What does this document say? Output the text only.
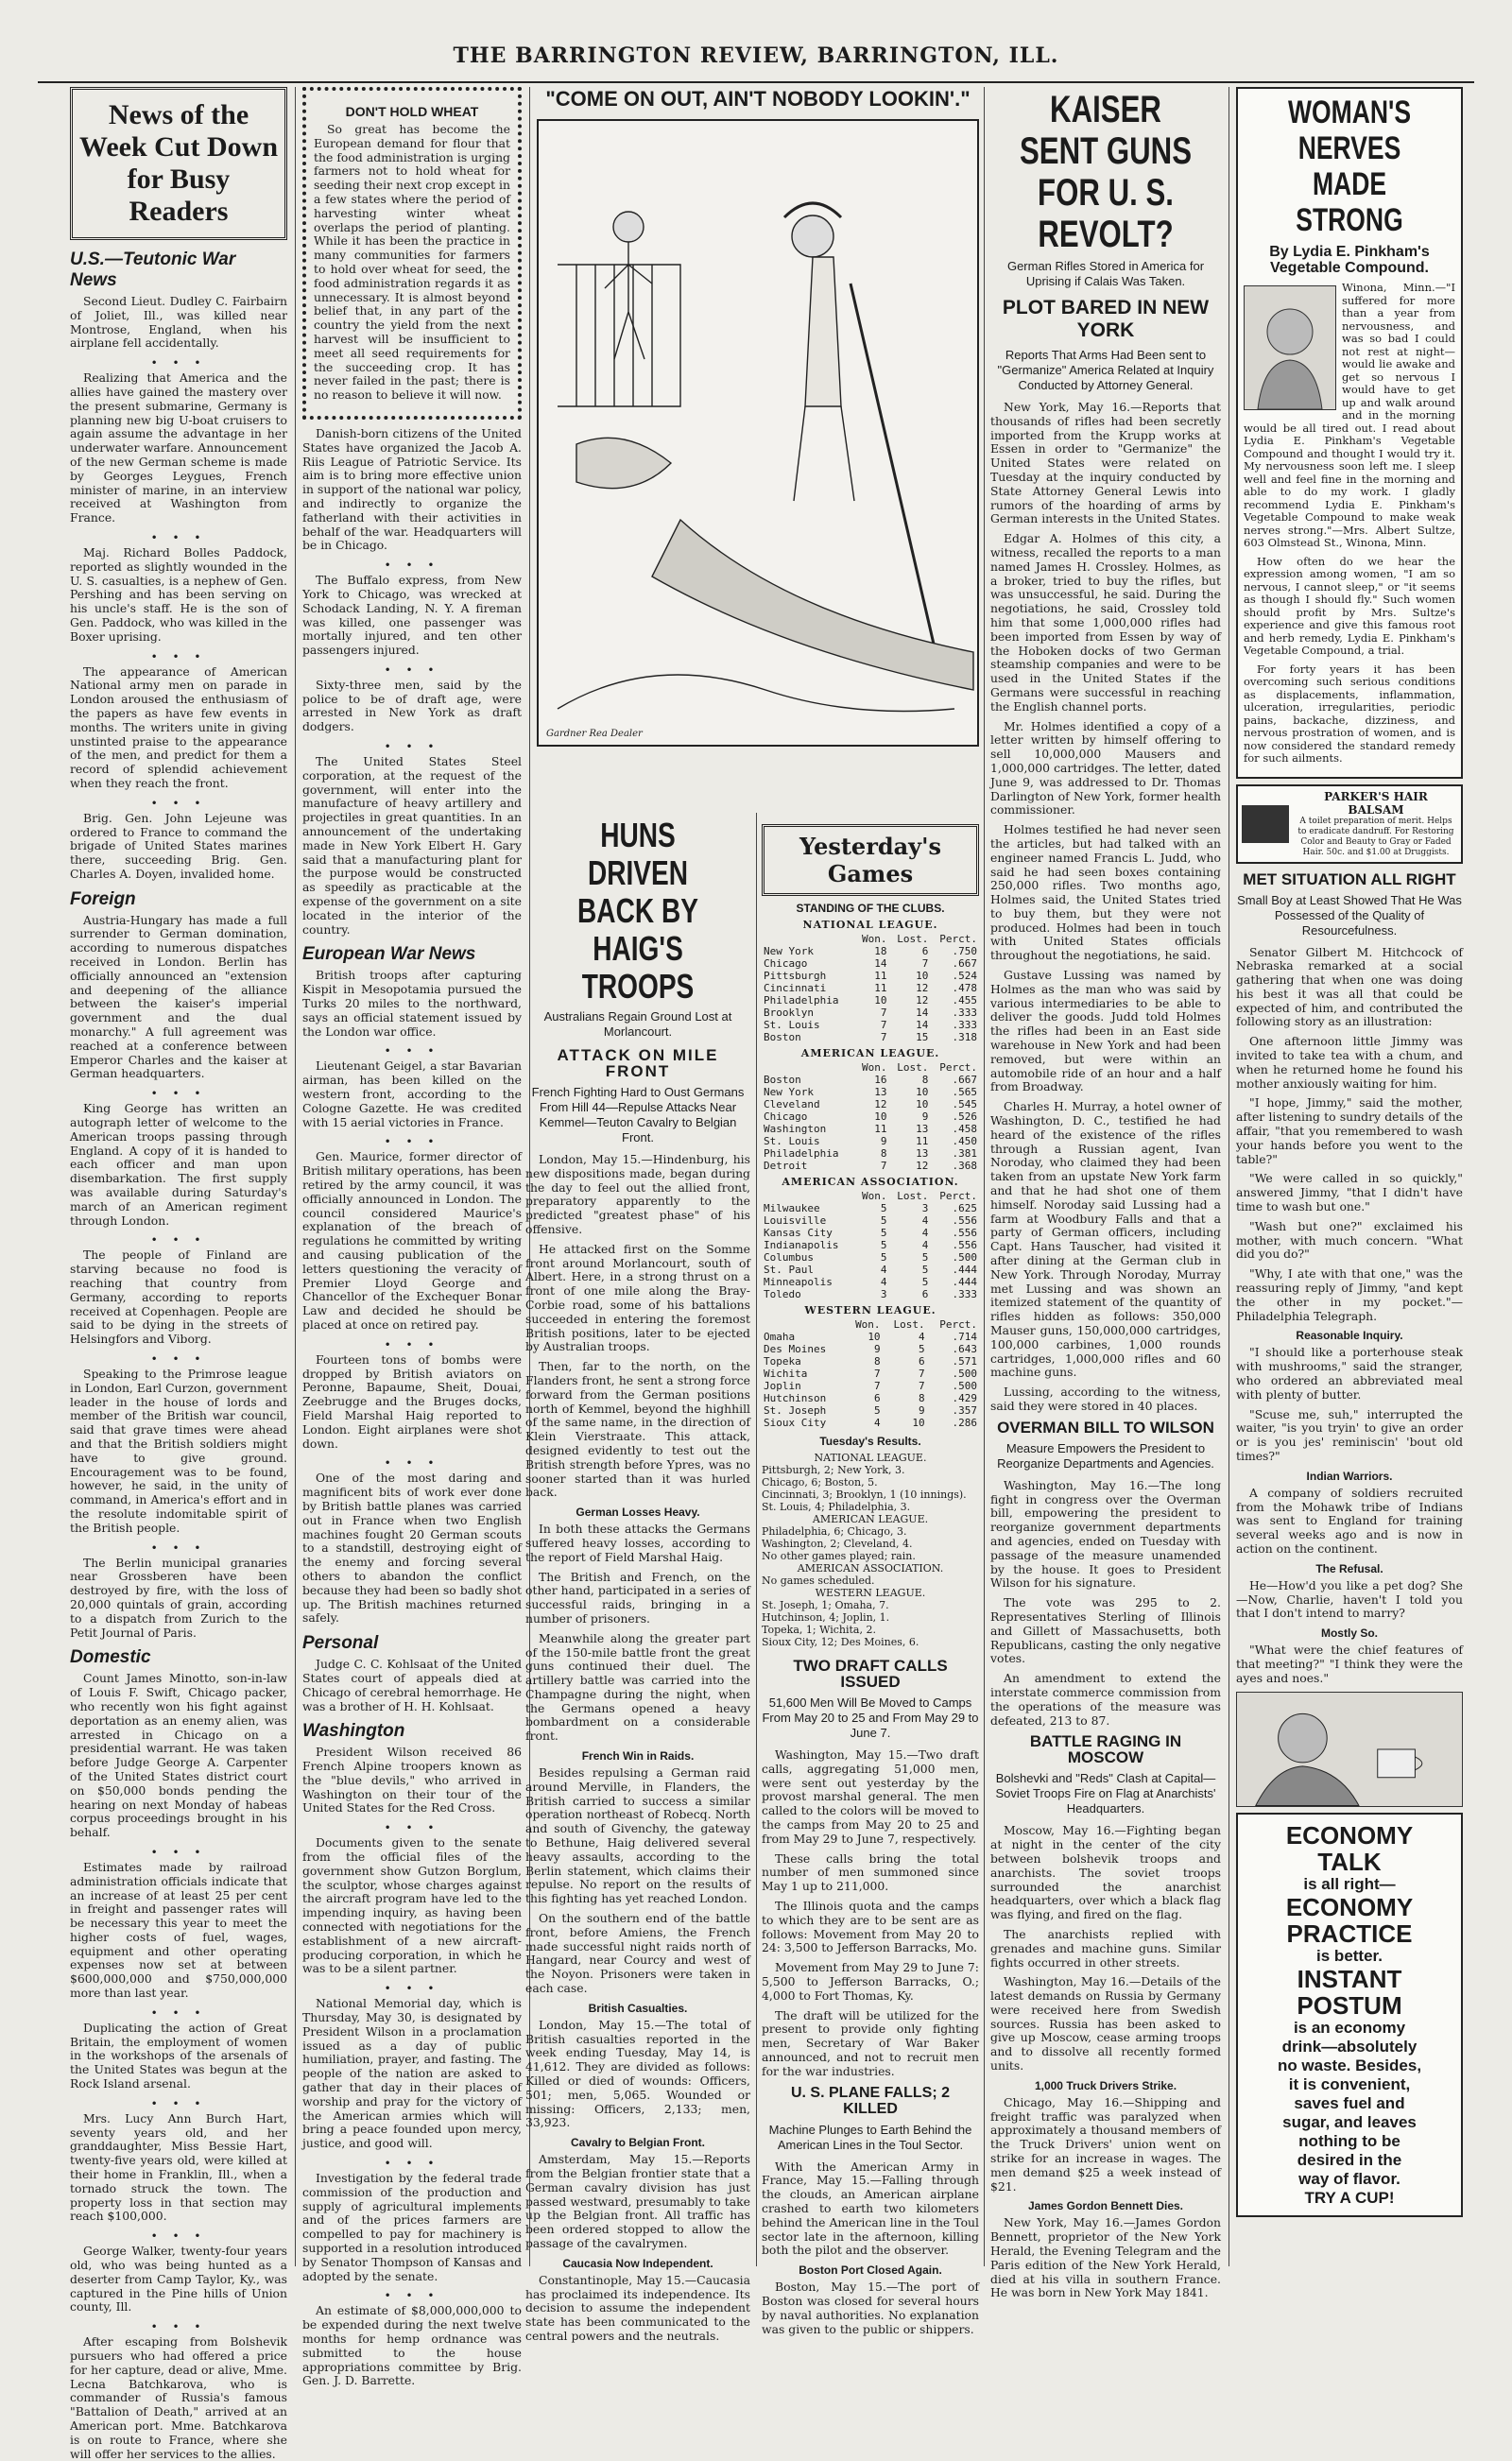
THE BARRINGTON REVIEW, BARRINGTON, ILL.
News of the Week Cut Down for Busy Readers
U.S.—Teutonic War News

Second Lieut. Dudley C. Fairbairn of Joliet, Ill., was killed near Montrose, England, when his airplane fell accidentally.

• • •

Realizing that America and the allies have gained the mastery over the present submarine, Germany is planning new big U-boat cruisers to again assume the advantage in her underwater warfare. Announcement of the new German scheme is made by Georges Leygues, French minister of marine, in an interview received at Washington from France.

• • •

Maj. Richard Bolles Paddock, reported as slightly wounded in the U. S. casualties, is a nephew of Gen. Pershing and has been serving on his uncle's staff. He is the son of Gen. Paddock, who was killed in the Boxer uprising.

• • •

The appearance of American National army men on parade in London aroused the enthusiasm of the papers as have few events in months. The writers unite in giving unstinted praise to the appearance of the men, and predict for them a record of splendid achievement when they reach the front.

• • •

Brig. Gen. John Lejeune was ordered to France to command the brigade of United States marines there, succeeding Brig. Gen. Charles A. Doyen, invalided home.

Foreign

Austria-Hungary has made a full surrender to German domination, according to numerous dispatches received in London. Berlin has officially announced an "extension and deepening of the alliance between the kaiser's imperial government and the dual monarchy." A full agreement was reached at a conference between Emperor Charles and the kaiser at German headquarters.

• • •

King George has written an autograph letter of welcome to the American troops passing through England. A copy of it is handed to each officer and man upon disembarkation. The first supply was available during Saturday's march of an American regiment through London.

• • •

The people of Finland are starving because no food is reaching that country from Germany, according to reports received at Copenhagen. People are said to be dying in the streets of Helsingfors and Viborg.

• • •

Speaking to the Primrose league in London, Earl Curzon, government leader in the house of lords and member of the British war council, said that grave times were ahead and that the British soldiers might have to give ground. Encouragement was to be found, however, he said, in the unity of command, in America's effort and in the resolute indomitable spirit of the British people.

• • •

The Berlin municipal granaries near Grossberen have been destroyed by fire, with the loss of 20,000 quintals of grain, according to a dispatch from Zurich to the Petit Journal of Paris.

Domestic

Count James Minotto, son-in-law of Louis F. Swift, Chicago packer, who recently won his fight against deportation as an enemy alien, was arrested in Chicago on a presidential warrant. He was taken before Judge George A. Carpenter of the United States district court on $50,000 bonds pending the hearing on next Monday of habeas corpus proceedings brought in his behalf.

• • •

Estimates made by railroad administration officials indicate that an increase of at least 25 per cent in freight and passenger rates will be necessary this year to meet the higher costs of fuel, wages, equipment and other operating expenses now set at between $600,000,000 and $750,000,000 more than last year.

• • •

Duplicating the action of Great Britain, the employment of women in the workshops of the arsenals of the United States was begun at the Rock Island arsenal.

• • •

Mrs. Lucy Ann Burch Hart, seventy years old, and her granddaughter, Miss Bessie Hart, twenty-five years old, were killed at their home in Franklin, Ill., when a tornado struck the town. The property loss in that section may reach $100,000.

• • •

George Walker, twenty-four years old, who was being hunted as a deserter from Camp Taylor, Ky., was captured in the Pine hills of Union county, Ill.

• • •

After escaping from Bolshevik pursuers who had offered a price for her capture, dead or alive, Mme. Lecna Batchkarova, who is commander of Russia's famous "Battalion of Death," arrived at an American port. Mme. Batchkarova is on route to France, where she will offer her services to the allies.

DON'T HOLD WHEAT

So great has become the European demand for flour that the food administration is urging farmers not to hold wheat for seeding their next crop except in a few states where the period of harvesting winter wheat overlaps the period of planting. While it has been the practice in many communities for farmers to hold over wheat for seed, the food administration regards it as unnecessary. It is almost beyond belief that, in any part of the country the yield from the next harvest will be insufficient to meet all seed requirements for the succeeding crop. It has never failed in the past; there is no reason to believe it will now.

Danish-born citizens of the United States have organized the Jacob A. Riis League of Patriotic Service. Its aim is to bring more effective union in support of the national war policy, and indirectly to organize the fatherland with their activities in behalf of the war. Headquarters will be in Chicago.

• • •

The Buffalo express, from New York to Chicago, was wrecked at Schodack Landing, N. Y. A fireman was killed, one passenger was mortally injured, and ten other passengers injured.

• • •

Sixty-three men, said by the police to be of draft age, were arrested in New York as draft dodgers.

• • •

The United States Steel corporation, at the request of the government, will enter into the manufacture of heavy artillery and projectiles in great quantities. In an announcement of the undertaking made in New York Elbert H. Gary said that a manufacturing plant for the purpose would be constructed as speedily as practicable at the expense of the government on a site located in the interior of the country.

European War News

British troops after capturing Kispit in Mesopotamia pursued the Turks 20 miles to the northward, says an official statement issued by the London war office.

• • •

Lieutenant Geigel, a star Bavarian airman, has been killed on the western front, according to the Cologne Gazette. He was credited with 15 aerial victories in France.

• • •

Gen. Maurice, former director of British military operations, has been retired by the army council, it was officially announced in London. The council considered Maurice's explanation of the breach of regulations he committed by writing and causing publication of the letters questioning the veracity of Premier Lloyd George and Chancellor of the Exchequer Bonar Law and decided he should be placed at once on retired pay.

• • •

Fourteen tons of bombs were dropped by British aviators on Peronne, Bapaume, Sheit, Douai, Zeebrugge and the Bruges docks, Field Marshal Haig reported to London. Eight airplanes were shot down.

• • •

One of the most daring and magnificent bits of work ever done by British battle planes was carried out in France when two English machines fought 20 German scouts to a standstill, destroying eight of the enemy and forcing several others to abandon the conflict because they had been so badly shot up. The British machines returned safely.

Personal

Judge C. C. Kohlsaat of the United States court of appeals died at Chicago of cerebral hemorrhage. He was a brother of H. H. Kohlsaat.

Washington

President Wilson received 86 French Alpine troopers known as the "blue devils," who arrived in Washington on their tour of the United States for the Red Cross.

• • •

Documents given to the senate from the official files of the government show Gutzon Borglum, the sculptor, whose charges against the aircraft program have led to the impending inquiry, as having been connected with negotiations for the establishment of a new aircraft-producing corporation, in which he was to be a silent partner.

• • •

National Memorial day, which is Thursday, May 30, is designated by President Wilson in a proclamation issued as a day of public humiliation, prayer, and fasting. The people of the nation are asked to gather that day in their places of worship and pray for the victory of the American armies which will bring a peace founded upon mercy, justice, and good will.

• • •

Investigation by the federal trade commission of the production and supply of agricultural implements and of the prices farmers are compelled to pay for machinery is supported in a resolution introduced by Senator Thompson of Kansas and adopted by the senate.

• • •

An estimate of $8,000,000,000 to be expended during the next twelve months for hemp ordnance was submitted to the house appropriations committee by Brig. Gen. J. D. Barrette.

"COME ON OUT, AIN'T NOBODY LOOKIN'."
Gardner Rea Dealer
HUNS DRIVEN BACK BY HAIG'S TROOPS
Australians Regain Ground Lost at Morlancourt.
ATTACK ON MILE FRONT
French Fighting Hard to Oust Germans From Hill 44—Repulse Attacks Near Kemmel—Teuton Cavalry to Belgian Front.

London, May 15.—Hindenburg, his new dispositions made, began during the day to feel out the allied front, preparatory apparently to the predicted "greatest phase" of his offensive.

He attacked first on the Somme front around Morlancourt, south of Albert. Here, in a strong thrust on a front of one mile along the Bray-Corbie road, some of his battalions succeeded in entering the foremost British positions, later to be ejected by Australian troops.

Then, far to the north, on the Flanders front, he sent a strong force forward from the German positions north of Kemmel, beyond the highhill of the same name, in the direction of Klein Vierstraate. This attack, designed evidently to test out the British strength before Ypres, was no sooner started than it was hurled back.

German Losses Heavy.

In both these attacks the Germans suffered heavy losses, according to the report of Field Marshal Haig.

The British and French, on the other hand, participated in a series of successful raids, bringing in a number of prisoners.

Meanwhile along the greater part of the 150-mile battle front the great guns continued their duel. The artillery battle was carried into the Champagne during the night, when the Germans opened a heavy bombardment on a considerable front.

French Win in Raids.

Besides repulsing a German raid around Merville, in Flanders, the British carried to success a similar operation northeast of Robecq. North and south of Givenchy, the gateway to Bethune, Haig delivered several heavy assaults, according to the Berlin statement, which claims their repulse. No report on the results of this fighting has yet reached London.

On the southern end of the battle front, before Amiens, the French made successful night raids north of Hangard, near Courcy and west of the Noyon. Prisoners were taken in each case.

British Casualties.

London, May 15.—The total of British casualties reported in the week ending Tuesday, May 14, is 41,612. They are divided as follows: Killed or died of wounds: Officers, 501; men, 5,065. Wounded or missing: Officers, 2,133; men, 33,923.

Cavalry to Belgian Front.

Amsterdam, May 15.—Reports from the Belgian frontier state that a German cavalry division has just passed westward, presumably to take up the Belgian front. All traffic has been ordered stopped to allow the passage of the cavalrymen.

Caucasia Now Independent.

Constantinople, May 15.—Caucasia has proclaimed its independence. Its decision to assume the independent state has been communicated to the central powers and the neutrals.

Yesterday's Games
STANDING OF THE CLUBS.
NATIONAL LEAGUE.
	Won.	Lost.	Perct.
New York	18	6	.750
Chicago	14	7	.667
Pittsburgh	11	10	.524
Cincinnati	11	12	.478
Philadelphia	10	12	.455
Brooklyn	7	14	.333
St. Louis	7	14	.333
Boston	7	15	.318
AMERICAN LEAGUE.
	Won.	Lost.	Perct.
Boston	16	8	.667
New York	13	10	.565
Cleveland	12	10	.545
Chicago	10	9	.526
Washington	11	13	.458
St. Louis	9	11	.450
Philadelphia	8	13	.381
Detroit	7	12	.368
AMERICAN ASSOCIATION.
	Won.	Lost.	Perct.
Milwaukee	5	3	.625
Louisville	5	4	.556
Kansas City	5	4	.556
Indianapolis	5	4	.556
Columbus	5	5	.500
St. Paul	4	5	.444
Minneapolis	4	5	.444
Toledo	3	6	.333
WESTERN LEAGUE.
	Won.	Lost.	Perct.
Omaha	10	4	.714
Des Moines	9	5	.643
Topeka	8	6	.571
Wichita	7	7	.500
Joplin	7	7	.500
Hutchinson	6	8	.429
St. Joseph	5	9	.357
Sioux City	4	10	.286
Tuesday's Results.
NATIONAL LEAGUE.
Pittsburgh, 2; New York, 3.
Chicago, 6; Boston, 5.
Cincinnati, 3; Brooklyn, 1 (10 innings).
St. Louis, 4; Philadelphia, 3.
AMERICAN LEAGUE.
Philadelphia, 6; Chicago, 3.
Washington, 2; Cleveland, 4.
No other games played; rain.
AMERICAN ASSOCIATION.
No games scheduled.
WESTERN LEAGUE.
St. Joseph, 1; Omaha, 7.
Hutchinson, 4; Joplin, 1.
Topeka, 1; Wichita, 2.
Sioux City, 12; Des Moines, 6.
TWO DRAFT CALLS ISSUED
51,600 Men Will Be Moved to Camps From May 20 to 25 and From May 29 to June 7.

Washington, May 15.—Two draft calls, aggregating 51,000 men, were sent out yesterday by the provost marshal general. The men called to the colors will be moved to the camps from May 20 to 25 and from May 29 to June 7, respectively.

These calls bring the total number of men summoned since May 1 up to 211,000.

The Illinois quota and the camps to which they are to be sent are as follows: Movement from May 20 to 24: 3,500 to Jefferson Barracks, Mo.

Movement from May 29 to June 7: 5,500 to Jefferson Barracks, O.; 4,000 to Fort Thomas, Ky.

The draft will be utilized for the present to provide only fighting men, Secretary of War Baker announced, and not to recruit men for the war industries.

U. S. PLANE FALLS; 2 KILLED
Machine Plunges to Earth Behind the American Lines in the Toul Sector.

With the American Army in France, May 15.—Falling through the clouds, an American airplane crashed to earth two kilometers behind the American line in the Toul sector late in the afternoon, killing both the pilot and the observer.

Boston Port Closed Again.

Boston, May 15.—The port of Boston was closed for several hours by naval authorities. No explanation was given to the public or shippers.

KAISER SENT GUNS FOR U. S. REVOLT?
German Rifles Stored in America for Uprising if Calais Was Taken.
PLOT BARED IN NEW YORK
Reports That Arms Had Been sent to "Germanize" America Related at Inquiry Conducted by Attorney General.

New York, May 16.—Reports that thousands of rifles had been secretly imported from the Krupp works at Essen in order to "Germanize" the United States were related on Tuesday at the inquiry conducted by State Attorney General Lewis into rumors of the hoarding of arms by German interests in the United States.

Edgar A. Holmes of this city, a witness, recalled the reports to a man named James H. Crossley. Holmes, as a broker, tried to buy the rifles, but was unsuccessful, he said. During the negotiations, he said, Crossley told him that some 1,000,000 rifles had been imported from Essen by way of the Hoboken docks of two German steamship companies and were to be used in the United States if the Germans were successful in reaching the English channel ports.

Mr. Holmes identified a copy of a letter written by himself offering to sell 10,000,000 Mausers and 1,000,000 cartridges. The letter, dated June 9, was addressed to Dr. Thomas Darlington of New York, former health commissioner.

Holmes testified he had never seen the articles, but had talked with an engineer named Francis L. Judd, who said he had seen boxes containing 250,000 rifles. Two months ago, Holmes said, the United States tried to buy them, but they were not produced. Holmes had been in touch with United States officials throughout the negotiations, he said.

Gustave Lussing was named by Holmes as the man who was said by various intermediaries to be able to deliver the goods. Judd told Holmes the rifles had been in an East side warehouse in New York and had been removed, but were within an automobile ride of an hour and a half from Broadway.

Charles H. Murray, a hotel owner of Washington, D. C., testified he had heard of the existence of the rifles through a Russian agent, Ivan Noroday, who claimed they had been taken from an upstate New York farm and that he had shot one of them himself. Noroday said Lussing had a farm at Woodbury Falls and that a party of German officers, including Capt. Hans Tauscher, had visited it after dining at the German club in New York. Through Noroday, Murray met Lussing and was shown an itemized statement of the quantity of rifles hidden as follows: 350,000 Mauser guns, 150,000,000 cartridges, 100,000 carbines, 1,000 rounds cartridges, 1,000,000 rifles and 60 machine guns.

Lussing, according to the witness, said they were stored in 40 places.

OVERMAN BILL TO WILSON
Measure Empowers the President to Reorganize Departments and Agencies.

Washington, May 16.—The long fight in congress over the Overman bill, empowering the president to reorganize government departments and agencies, ended on Tuesday with passage of the measure unamended by the house. It goes to President Wilson for his signature.

The vote was 295 to 2. Representatives Sterling of Illinois and Gillett of Massachusetts, both Republicans, casting the only negative votes.

An amendment to extend the interstate commerce commission from the operations of the measure was defeated, 213 to 87.

BATTLE RAGING IN MOSCOW
Bolshevki and "Reds" Clash at Capital—Soviet Troops Fire on Flag at Anarchists' Headquarters.

Moscow, May 16.—Fighting began at night in the center of the city between bolshevik troops and anarchists. The soviet troops surrounded the anarchist headquarters, over which a black flag was flying, and fired on the flag.

The anarchists replied with grenades and machine guns. Similar fights occurred in other streets.

Washington, May 16.—Details of the latest demands on Russia by Germany were received here from Swedish sources. Russia has been asked to give up Moscow, cease arming troops and to dissolve all recently formed units.

1,000 Truck Drivers Strike.

Chicago, May 16.—Shipping and freight traffic was paralyzed when approximately a thousand members of the Truck Drivers' union went on strike for an increase in wages. The men demand $25 a week instead of $21.

James Gordon Bennett Dies.

New York, May 16.—James Gordon Bennett, proprietor of the New York Herald, the Evening Telegram and the Paris edition of the New York Herald, died at his villa in southern France. He was born in New York May 1841.

WOMAN'S NERVES MADE STRONG
By Lydia E. Pinkham's Vegetable Compound.

Winona, Minn.—"I suffered for more than a year from nervousness, and was so bad I could not rest at night—would lie awake and get so nervous I would have to get up and walk around and in the morning would be all tired out. I read about Lydia E. Pinkham's Vegetable Compound and thought I would try it. My nervousness soon left me. I sleep well and feel fine in the morning and able to do my work. I gladly recommend Lydia E. Pinkham's Vegetable Compound to make weak nerves strong."—Mrs. Albert Sultze, 603 Olmstead St., Winona, Minn.

How often do we hear the expression among women, "I am so nervous, I cannot sleep," or "it seems as though I should fly." Such women should profit by Mrs. Sultze's experience and give this famous root and herb remedy, Lydia E. Pinkham's Vegetable Compound, a trial.

For forty years it has been overcoming such serious conditions as displacements, inflammation, ulceration, irregularities, periodic pains, backache, dizziness, and nervous prostration of women, and is now considered the standard remedy for such ailments.

PARKER'S HAIR BALSAM
A toilet preparation of merit. Helps to eradicate dandruff. For Restoring Color and Beauty to Gray or Faded Hair. 50c. and $1.00 at Druggists.
MET SITUATION ALL RIGHT
Small Boy at Least Showed That He Was Possessed of the Quality of Resourcefulness.

Senator Gilbert M. Hitchcock of Nebraska remarked at a social gathering that when one was doing his best it was all that could be expected of him, and contributed the following story as an illustration:

One afternoon little Jimmy was invited to take tea with a chum, and when he returned home he found his mother anxiously waiting for him.

"I hope, Jimmy," said the mother, after listening to sundry details of the affair, "that you remembered to wash your hands before you went to the table?"

"We were called in so quickly," answered Jimmy, "that I didn't have time to wash but one."

"Wash but one?" exclaimed his mother, with much concern. "What did you do?"

"Why, I ate with that one," was the reassuring reply of Jimmy, "and kept the other in my pocket."—Philadelphia Telegraph.

Reasonable Inquiry.

"I should like a porterhouse steak with mushrooms," said the stranger, who ordered an abbreviated meal with plenty of butter.

"Scuse me, suh," interrupted the waiter, "is you tryin' to give an order or is you jes' reminiscin' 'bout old times?"

Indian Warriors.

A company of soldiers recruited from the Mohawk tribe of Indians was sent to England for training several weeks ago and is now in action on the continent.

The Refusal.

He—How'd you like a pet dog? She—Now, Charlie, haven't I told you that I don't intend to marry?

Mostly So.

"What were the chief features of that meeting?" "I think they were the ayes and noes."

ECONOMY
TALK
is all right—
ECONOMY
PRACTICE
is better.
INSTANT
POSTUM
is an economy
drink—absolutely
no waste. Besides,
it is convenient,
saves fuel and
sugar, and leaves
nothing to be
desired in the
way of flavor.
TRY A CUP!
